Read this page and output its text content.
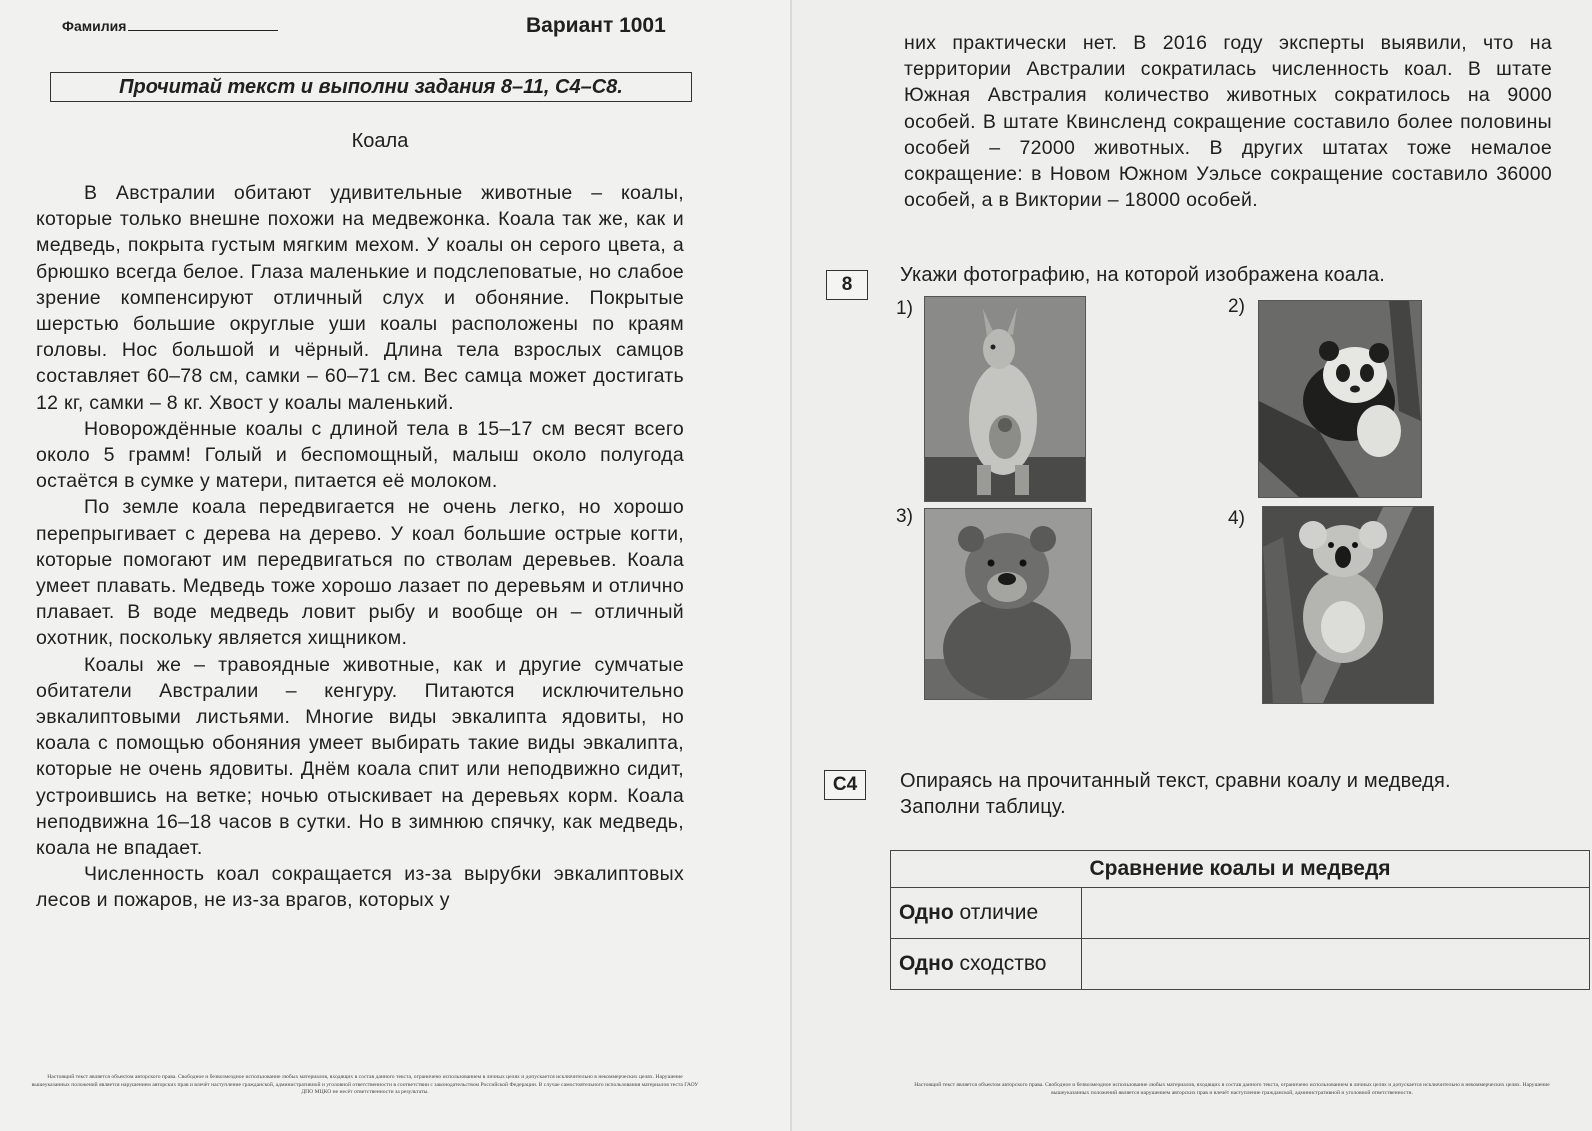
Фамилия	Вариант 1001
Прочитай текст и выполни задания 8–11, С4–С8.
Коала

В Австралии обитают удивительные животные – коалы, которые только внешне похожи на медвежонка. Коала так же, как и медведь, покрыта густым мягким мехом. У коалы он серого цвета, а брюшко всегда белое. Глаза маленькие и подслеповатые, но слабое зрение компенсируют отличный слух и обоняние. Покрытые шерстью большие округлые уши коалы расположены по краям головы. Нос большой и чёрный. Длина тела взрослых самцов составляет 60–78 см, самки – 60–71 см. Вес самца может достигать 12 кг, самки – 8 кг. Хвост у коалы маленький.

Новорождённые коалы с длиной тела в 15–17 см весят всего около 5 грамм! Голый и беспомощный, малыш около полугода остаётся в сумке у матери, питается её молоком.

По земле коала передвигается не очень легко, но хорошо перепрыгивает с дерева на дерево. У коал большие острые когти, которые помогают им передвигаться по стволам деревьев. Коала умеет плавать. Медведь тоже хорошо лазает по деревьям и отлично плавает. В воде медведь ловит рыбу и вообще он – отличный охотник, поскольку является хищником.

Коалы же – травоядные животные, как и другие сумчатые обитатели Австралии – кенгуру. Питаются исключительно эвкалиптовыми листьями. Многие виды эвкалипта ядовиты, но коала с помощью обоняния умеет выбирать такие виды эвкалипта, которые не очень ядовиты. Днём коала спит или неподвижно сидит, устроившись на ветке; ночью отыскивает на деревьях корм. Коала неподвижна 16–18 часов в сутки. Но в зимнюю спячку, как медведь, коала не впадает.

Численность коал сокращается из-за вырубки эвкалиптовых лесов и пожаров, не из-за врагов, которых у

Настоящий текст является объектом авторского права. Свободное и безвозмездное использование любых материалов, входящих в состав данного текста, ограничено использованием в личных целях и допускается исключительно в некоммерческих целях. Нарушение вышеуказанных положений является нарушением авторских прав и влечёт наступление гражданской, административной и уголовной ответственности в соответствии с законодательством Российской Федерации. В случае самостоятельного использования материалов теста ГАОУ ДПО МЦКО не несёт ответственности за результаты.

них практически нет. В 2016 году эксперты выявили, что на территории Австралии сократилась численность коал. В штате Южная Австралия количество животных сократилось на 9000 особей. В штате Квинсленд сокращение составило более половины особей – 72000 животных. В других штатах тоже немалое сокращение: в Новом Южном Уэльсе сокращение составило 36000 особей, а в Виктории – 18000 особей.

8	Укажи фотографию, на которой изображена коала.
1)	2)
3)	4)
С4	Опираясь на прочитанный текст, сравни коалу и медведя.
Заполни таблицу.
Сравнение коалы и медведя	
Одно отличие	
Одно сходство	
Настоящий текст является объектом авторского права. Свободное и безвозмездное использование любых материалов, входящих в состав данного текста, ограничено использованием в личных целях и допускается исключительно в некоммерческих целях. Нарушение вышеуказанных положений является нарушением авторских прав и влечёт наступление гражданской, административной и уголовной ответственности.
